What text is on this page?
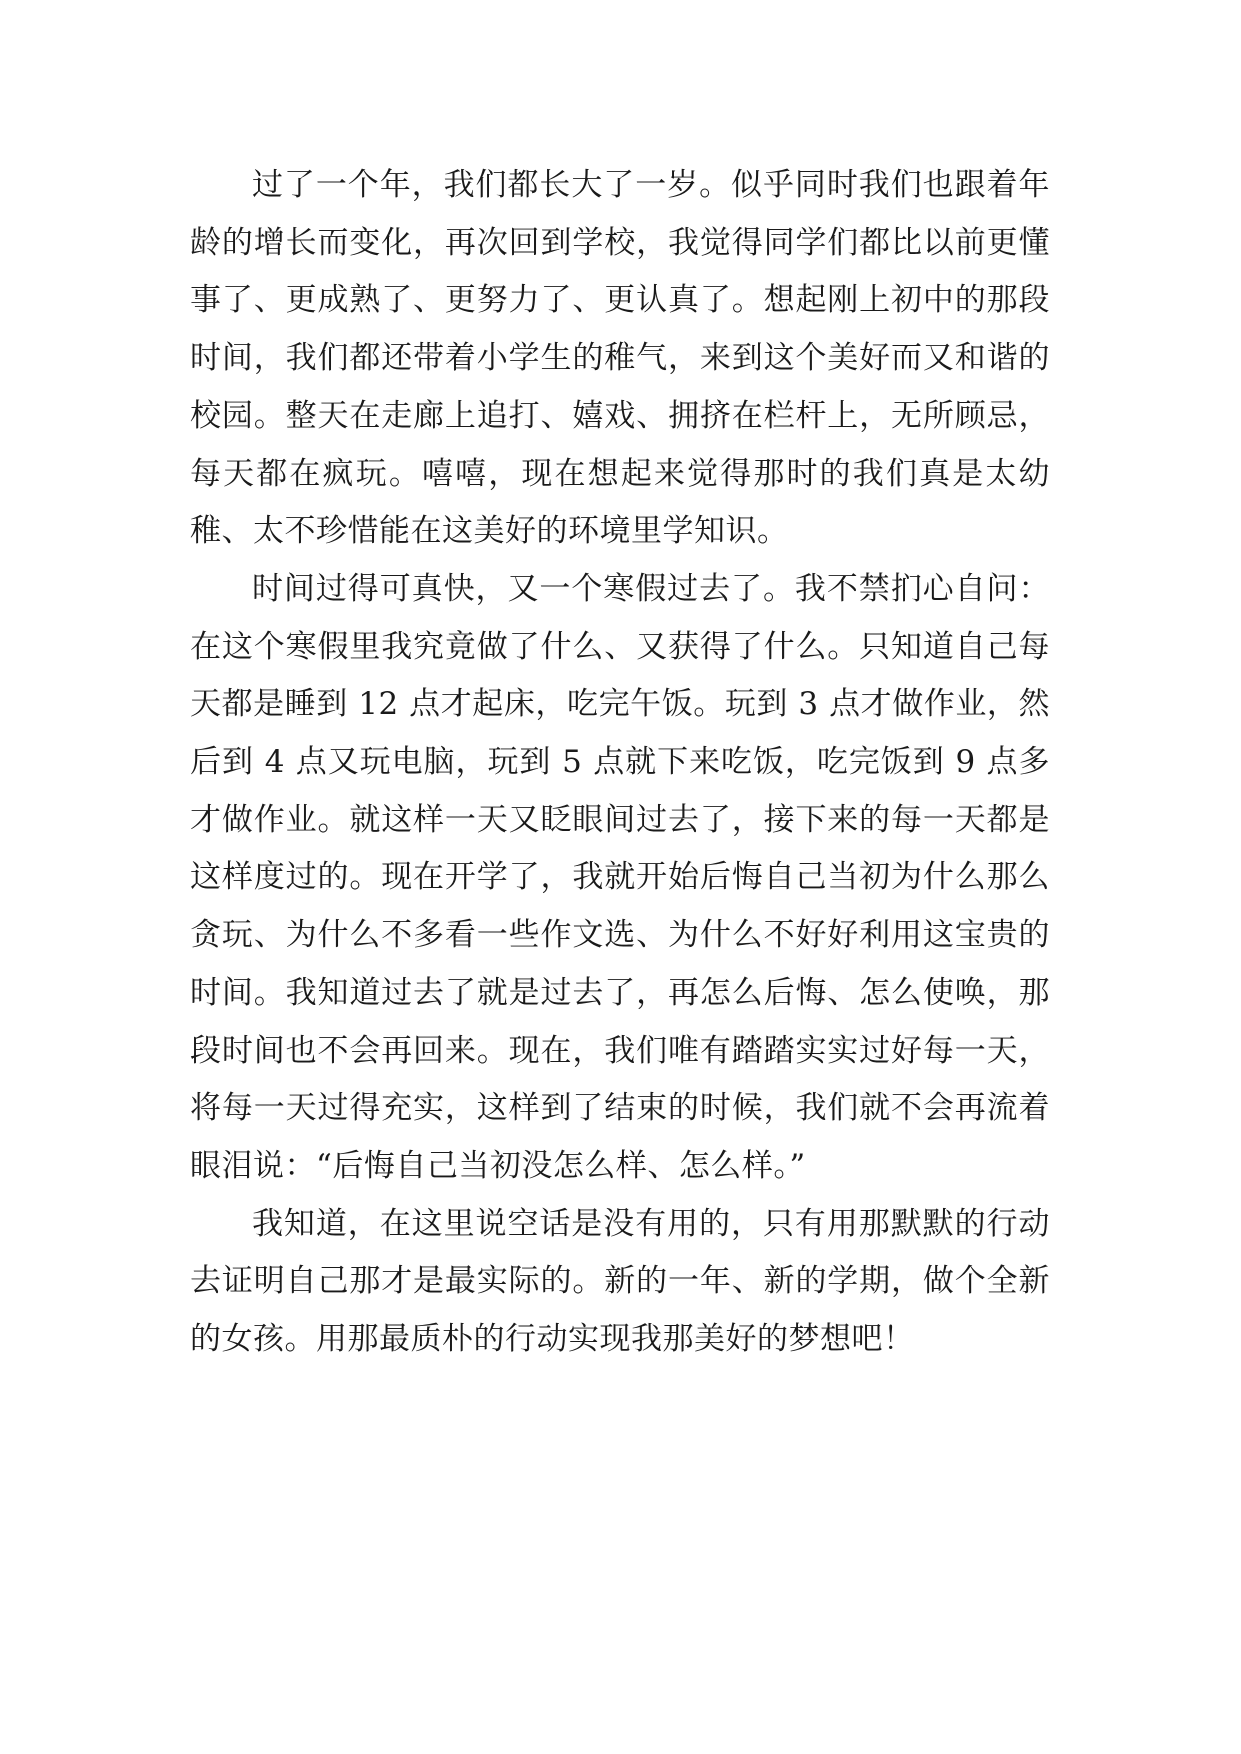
过了一个年，我们都长大了一岁。似乎同时我们也跟着年龄的增长而变化，再次回到学校，我觉得同学们都比以前更懂事了、更成熟了、更努力了、更认真了。想起刚上初中的那段时间，我们都还带着小学生的稚气，来到这个美好而又和谐的校园。整天在走廊上追打、嬉戏、拥挤在栏杆上，无所顾忌，每天都在疯玩。嘻嘻，现在想起来觉得那时的我们真是太幼稚、太不珍惜能在这美好的环境里学知识。

时间过得可真快，又一个寒假过去了。我不禁扪心自问：在这个寒假里我究竟做了什么、又获得了什么。只知道自己每天都是睡到 12 点才起床，吃完午饭。玩到 3 点才做作业，然后到 4 点又玩电脑，玩到 5 点就下来吃饭，吃完饭到 9 点多才做作业。就这样一天又眨眼间过去了，接下来的每一天都是这样度过的。现在开学了，我就开始后悔自己当初为什么那么贪玩、为什么不多看一些作文选、为什么不好好利用这宝贵的时间。我知道过去了就是过去了，再怎么后悔、怎么使唤，那段时间也不会再回来。现在，我们唯有踏踏实实过好每一天，将每一天过得充实，这样到了结束的时候，我们就不会再流着眼泪说：“后悔自己当初没怎么样、怎么样。”

我知道，在这里说空话是没有用的，只有用那默默的行动去证明自己那才是最实际的。新的一年、新的学期，做个全新的女孩。用那最质朴的行动实现我那美好的梦想吧！
